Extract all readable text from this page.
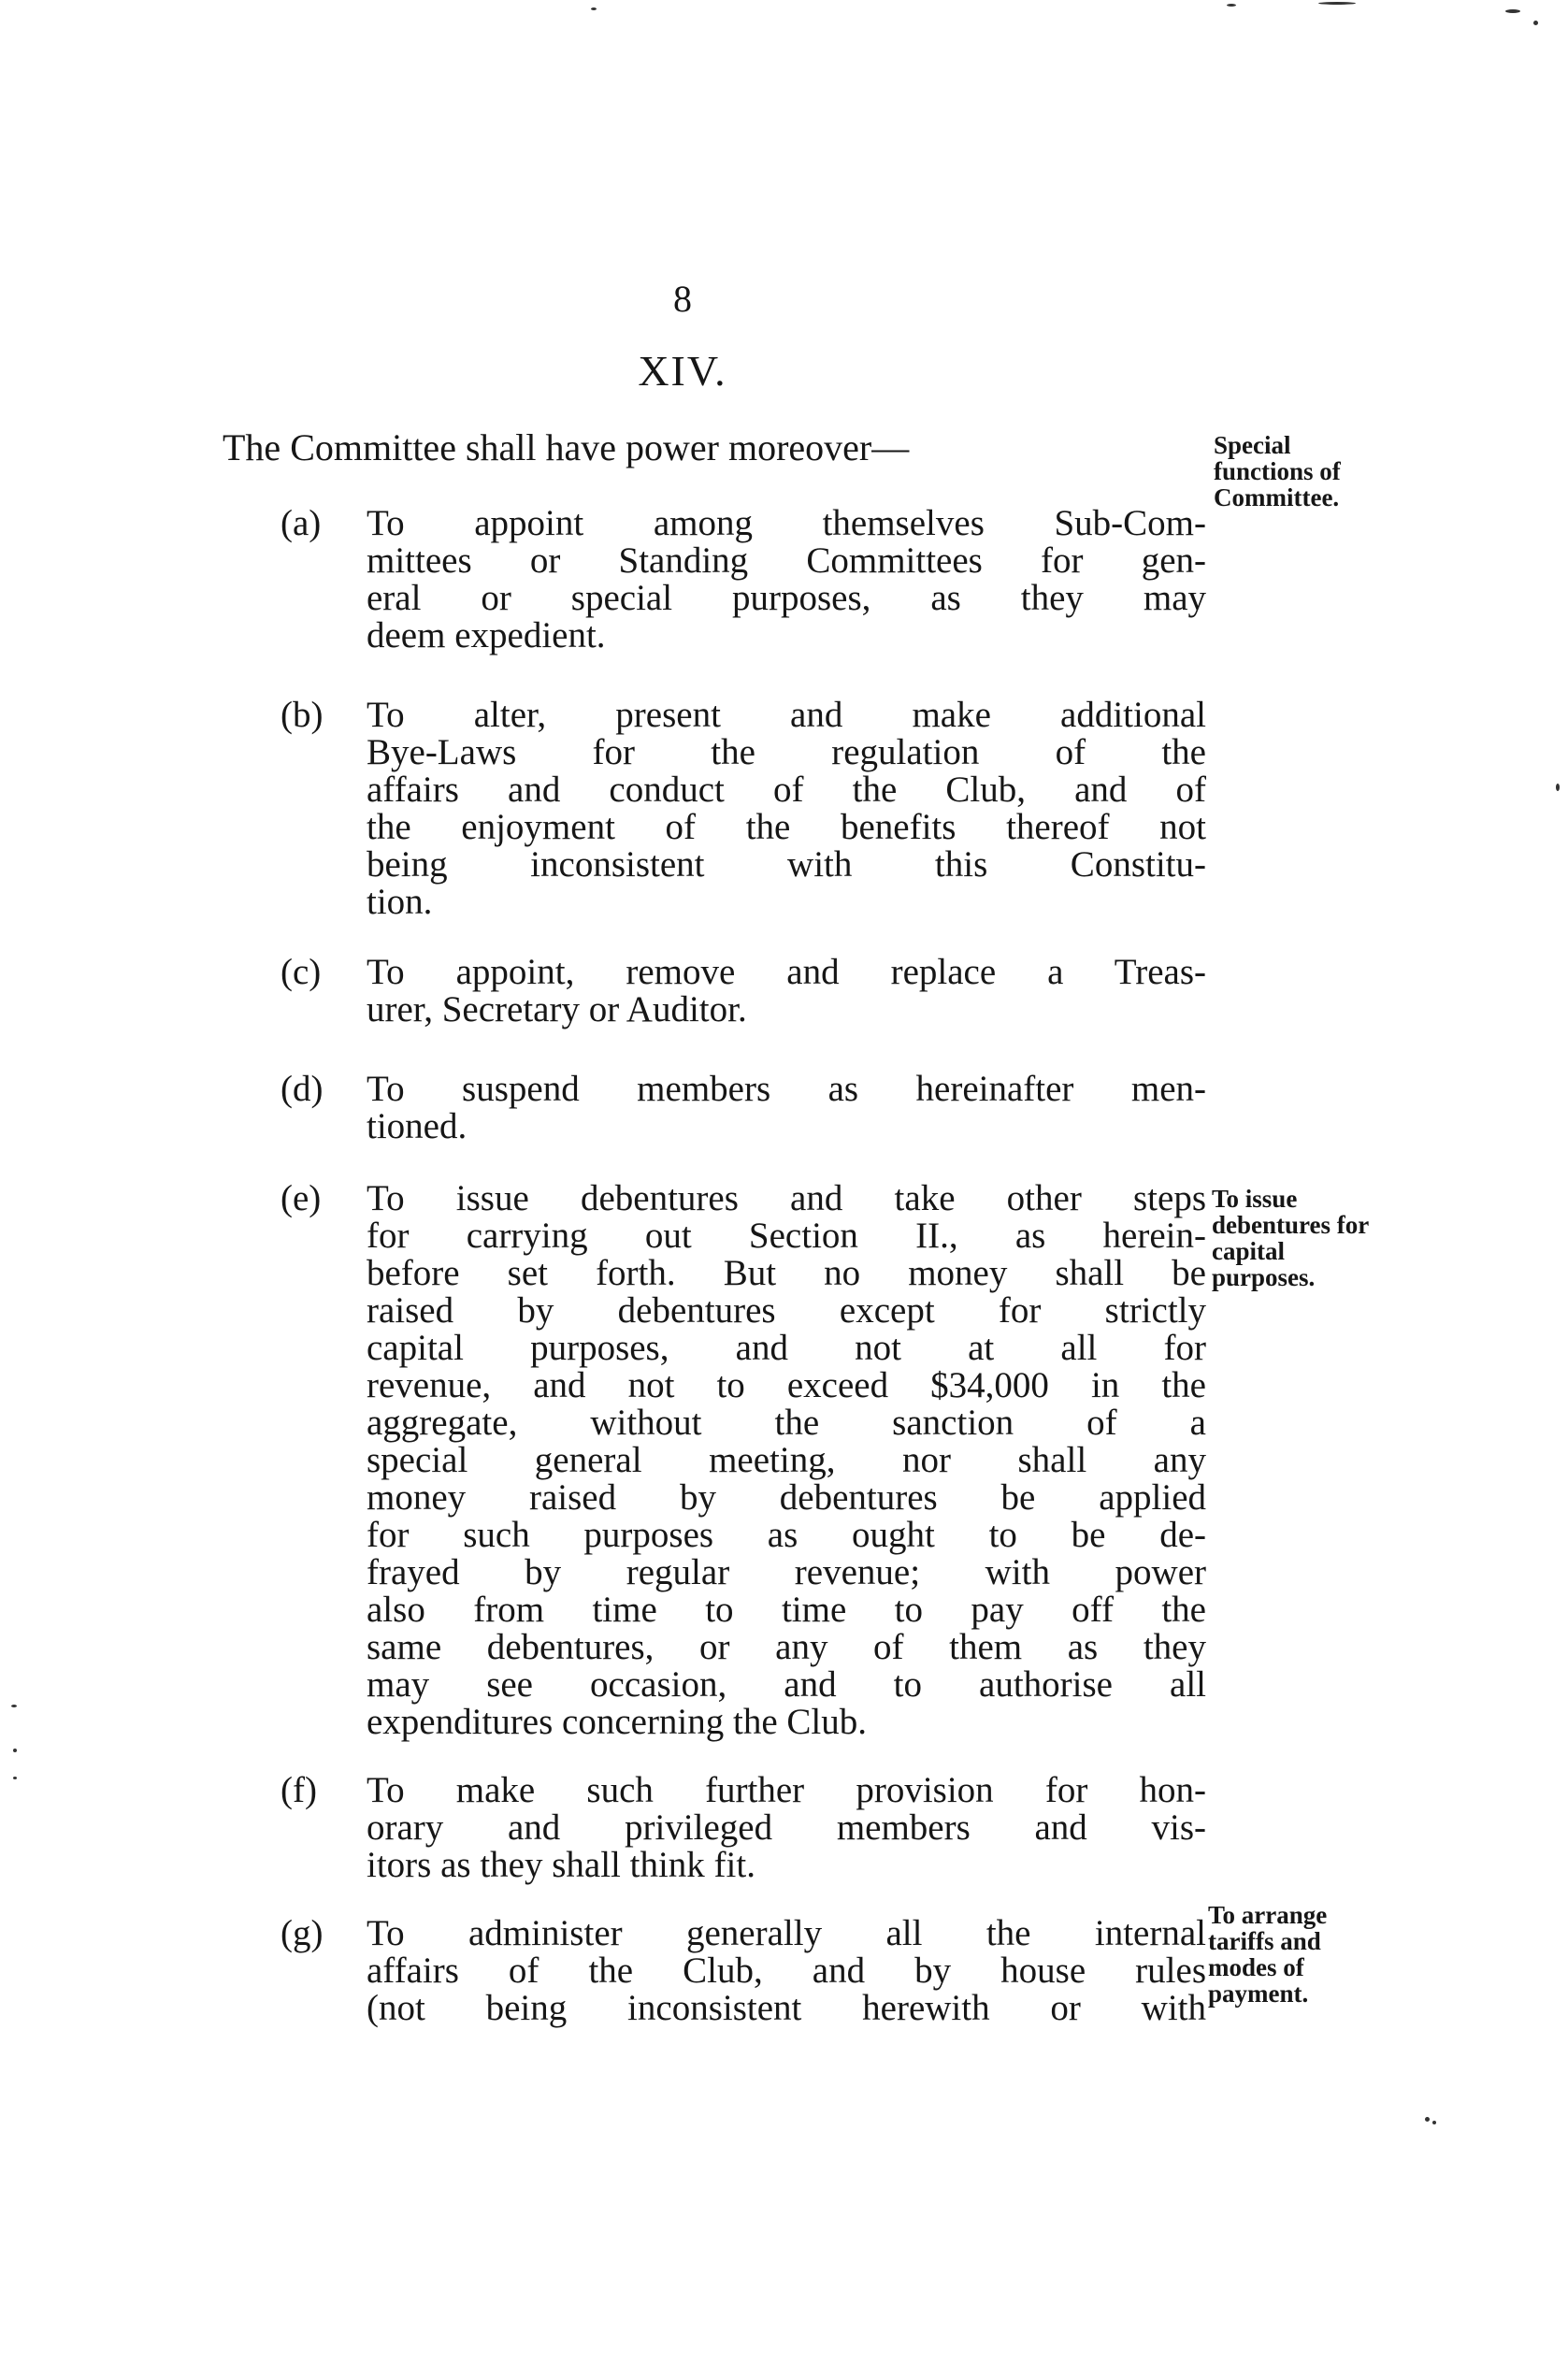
8
XIV.
The Committee shall have power moreover—
(a)	To appoint among themselves Sub-Com-
mittees or Standing Committees for gen-
eral or special purposes, as they may
deem expedient.
(b)	To alter, present and make additional
Bye-Laws for the regulation of the
affairs and conduct of the Club, and of
the enjoyment of the benefits thereof not
being inconsistent with this Constitu-
tion.
(c)	To appoint, remove and replace a Treas-
urer, Secretary or Auditor.
(d)	To suspend members as hereinafter men-
tioned.
(e)	To issue debentures and take other steps
for carrying out Section II., as herein-
before set forth. But no money shall be
raised by debentures except for strictly
capital purposes, and not at all for
revenue, and not to exceed $34,000 in the
aggregate, without the sanction of a
special general meeting, nor shall any
money raised by debentures be applied
for such purposes as ought to be de-
frayed by regular revenue; with power
also from time to time to pay off the
same debentures, or any of them as they
may see occasion, and to authorise all
expenditures concerning the Club.
(f)	To make such further provision for hon-
orary and privileged members and vis-
itors as they shall think fit.
(g)	To administer generally all the internal
affairs of the Club, and by house rules
(not being inconsistent herewith or with
Special
functions of
Committee.
To issue
debentures for
capital
purposes.
To arrange
tariffs and
modes of
payment.
